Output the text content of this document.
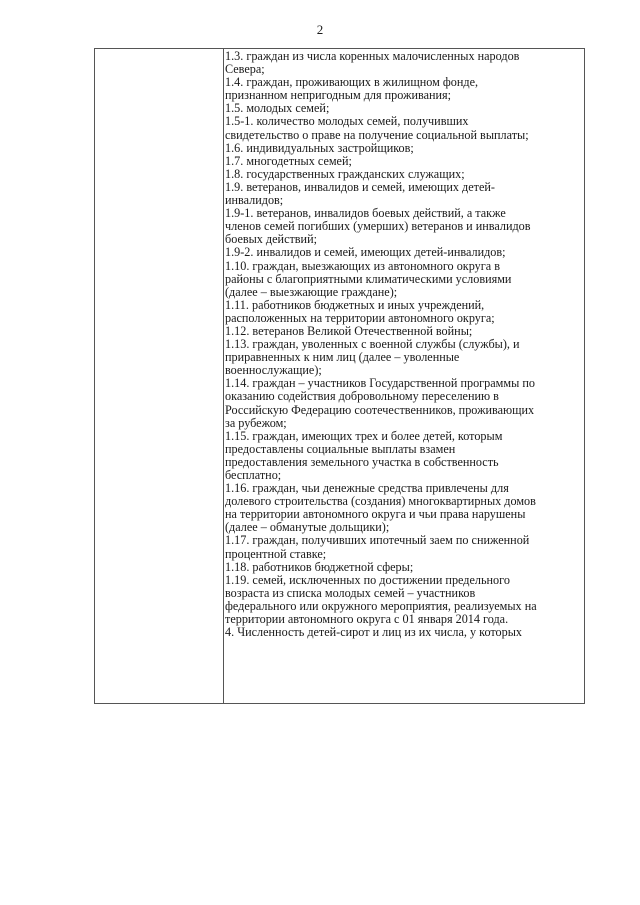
2
1.3. граждан из числа коренных малочисленных народов
Севера;
1.4. граждан, проживающих в жилищном фонде,
признанном непригодным для проживания;
1.5. молодых семей;
1.5-1. количество молодых семей, получивших
свидетельство о праве на получение социальной выплаты;
1.6. индивидуальных застройщиков;
1.7. многодетных семей;
1.8. государственных гражданских служащих;
1.9. ветеранов, инвалидов и семей, имеющих детей-
инвалидов;
1.9-1. ветеранов, инвалидов боевых действий, а также
членов семей погибших (умерших) ветеранов и инвалидов
боевых действий;
1.9-2. инвалидов и семей, имеющих детей-инвалидов;
1.10. граждан, выезжающих из автономного округа в
районы с благоприятными климатическими условиями
(далее – выезжающие граждане);
1.11. работников бюджетных и иных учреждений,
расположенных на территории автономного округа;
1.12. ветеранов Великой Отечественной войны;
1.13. граждан, уволенных с военной службы (службы), и
приравненных к ним лиц (далее – уволенные
военнослужащие);
1.14. граждан – участников Государственной программы по
оказанию содействия добровольному переселению в
Российскую Федерацию соотечественников, проживающих
за рубежом;
1.15. граждан, имеющих трех и более детей, которым
предоставлены социальные выплаты взамен
предоставления земельного участка в собственность
бесплатно;
1.16. граждан, чьи денежные средства привлечены для
долевого строительства (создания) многоквартирных домов
на территории автономного округа и чьи права нарушены
(далее – обманутые дольщики);
1.17. граждан, получивших ипотечный заем по сниженной
процентной ставке;
1.18. работников бюджетной сферы;
1.19. семей, исключенных по достижении предельного
возраста из списка молодых семей – участников
федерального или окружного мероприятия, реализуемых на
территории автономного округа с 01 января 2014 года.
4. Численность детей-сирот и лиц из их числа, у которых
